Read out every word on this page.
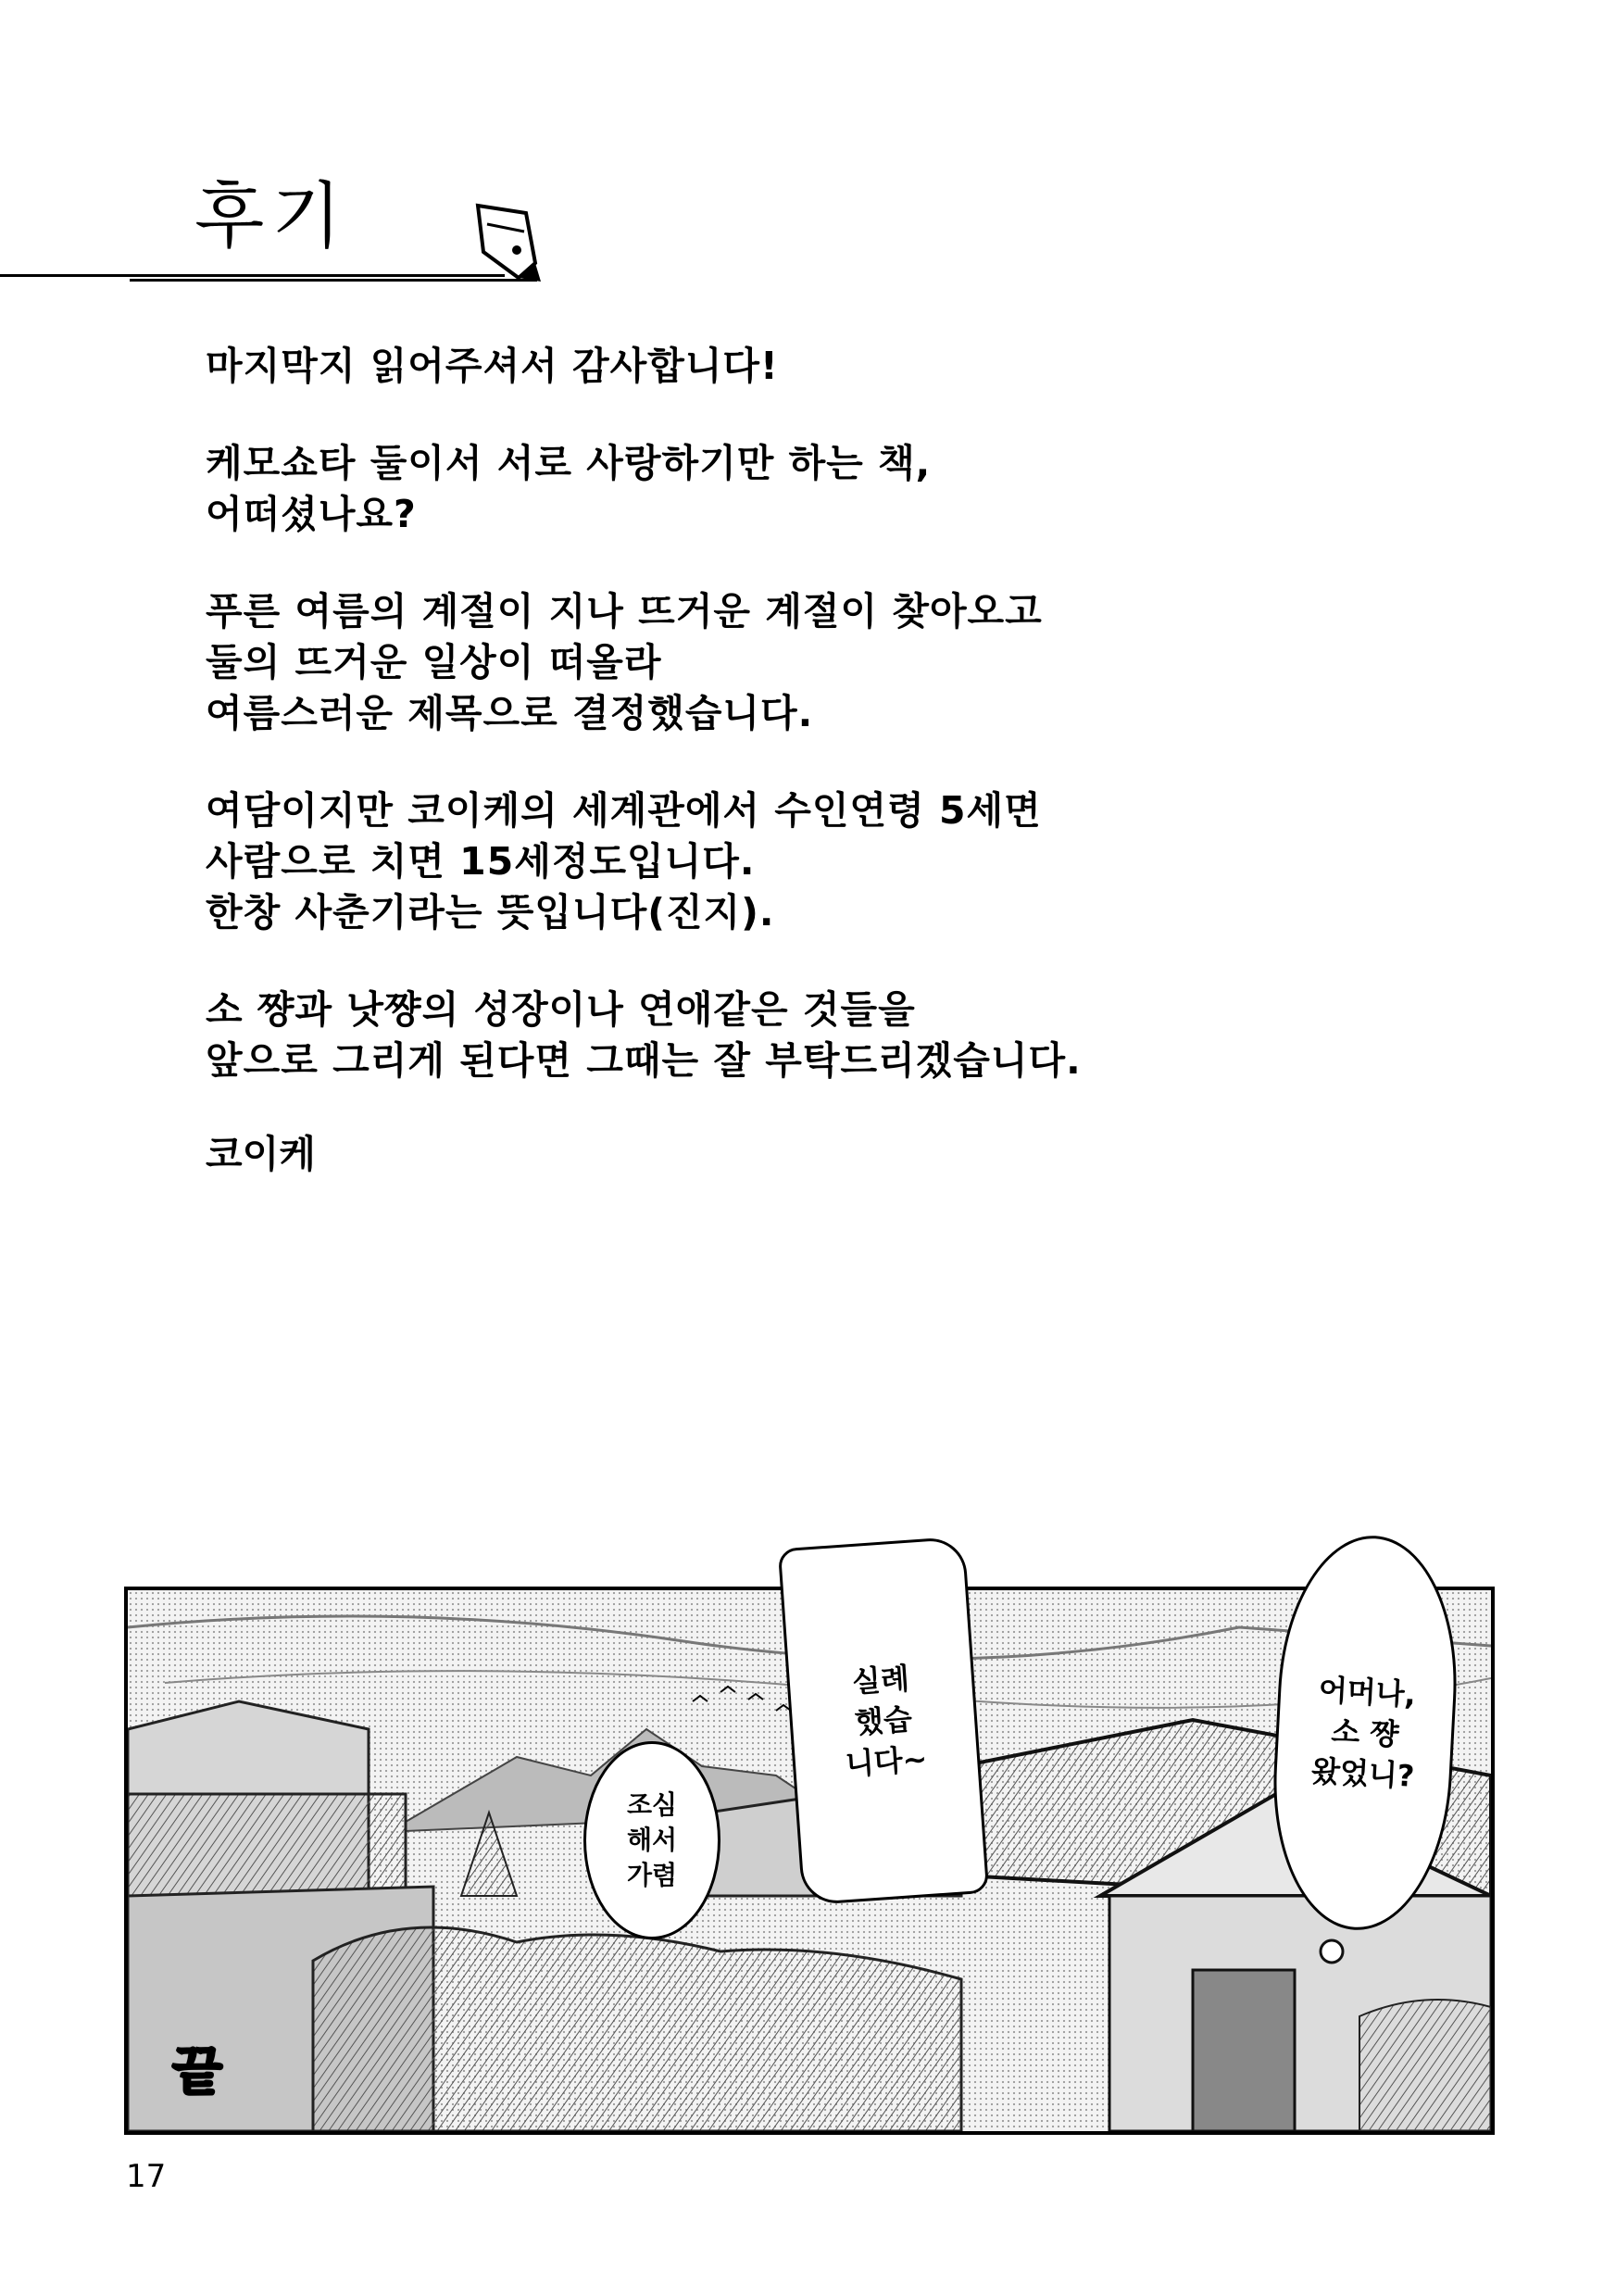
후기

마지막지 읽어주셔서 감사합니다!

케모쇼타 둘이서 서로 사랑하기만 하는 책,
어떠셨나요?

푸른 여름의 계절이 지나 뜨거운 계절이 찾아오고
둘의 뜨거운 일상이 떠올라
여름스러운 제목으로 결정했습니다.

여담이지만 코이케의 세계관에서 수인연령 5세면
사람으로 치면 15세정도입니다.
한창 사춘기라는 뜻입니다(진지).

소 쨩과 낫쨩의 성장이나 연애같은 것들을
앞으로 그리게 된다면 그때는 잘 부탁드리겠습니다.

코이케
어머나,
소 쨩
왔었니?
실례
했습
니다~
조심
해서
가렴
끝
17
